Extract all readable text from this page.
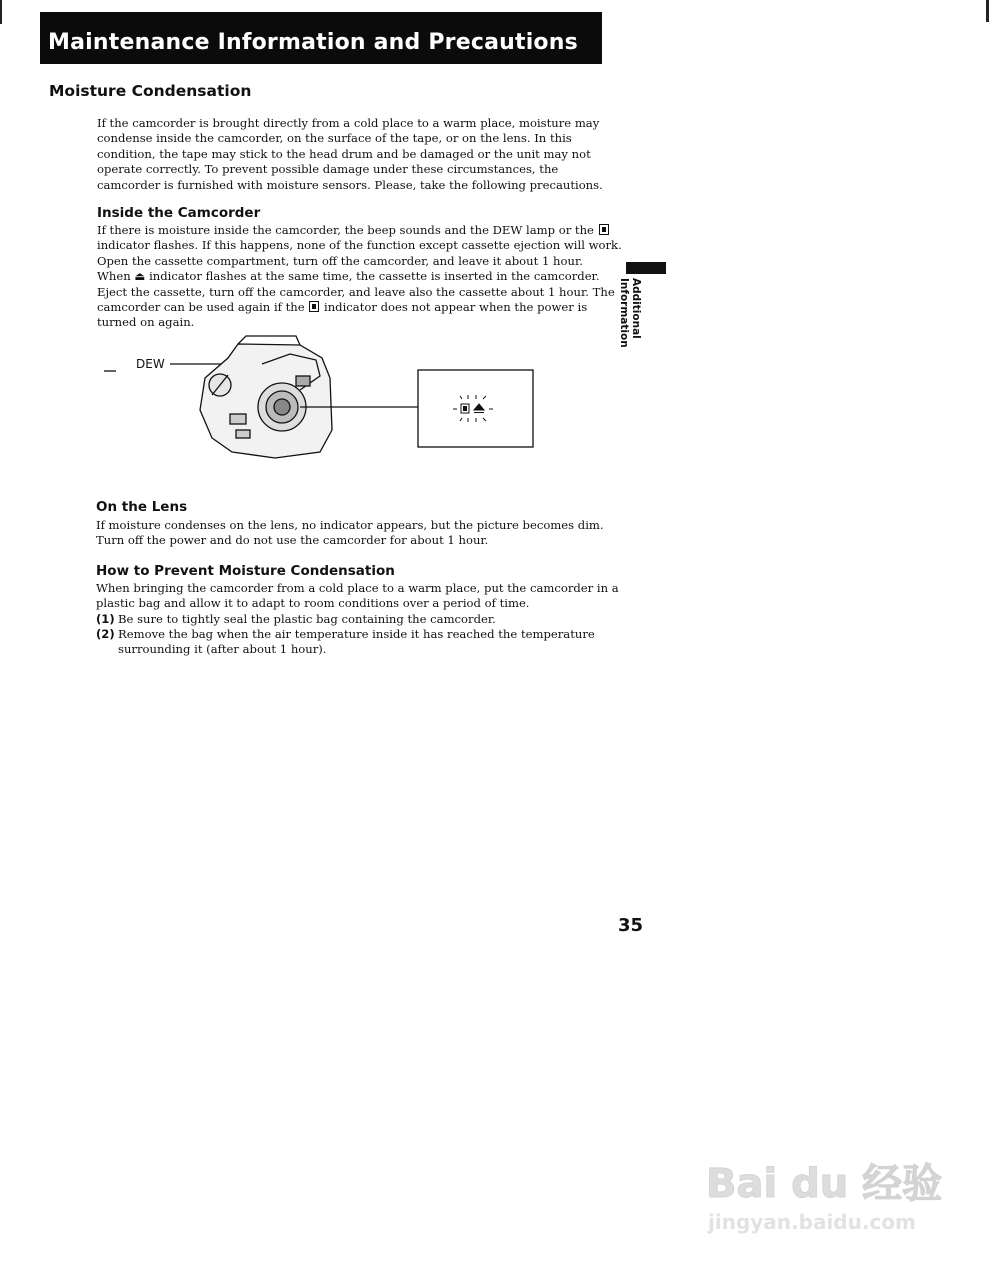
Maintenance Information and Precautions
Moisture Condensation
If the camcorder is brought directly from a cold place to a warm place, moisture may
condense inside the camcorder, on the surface of the tape, or on the lens. In this
condition, the tape may stick to the head drum and be damaged or the unit may not
operate correctly. To prevent possible damage under these circumstances, the
camcorder is furnished with moisture sensors. Please, take the following precautions.
Inside the Camcorder
If there is moisture inside the camcorder, the beep sounds and the DEW lamp or the
indicator flashes. If this happens, none of the function except cassette ejection will work.
Open the cassette compartment, turn off the camcorder, and leave it about 1 hour.
When ⏏ indicator flashes at the same time, the cassette is inserted in the camcorder.
Eject the cassette, turn off the camcorder, and leave also the cassette about 1 hour. The
camcorder can be used again if the indicator does not appear when the power is
turned on again.
DEW
On the Lens
If moisture condenses on the lens, no indicator appears, but the picture becomes dim.
Turn off the power and do not use the camcorder for about 1 hour.
How to Prevent Moisture Condensation
When bringing the camcorder from a cold place to a warm place, put the camcorder in a
plastic bag and allow it to adapt to room conditions over a period of time.
(1) Be sure to tightly seal the plastic bag containing the camcorder.
(2) Remove the bag when the air temperature inside it has reached the temperature
surrounding it (after about 1 hour).
Additional Information
35
Bai du 经验
jingyan.baidu.com
